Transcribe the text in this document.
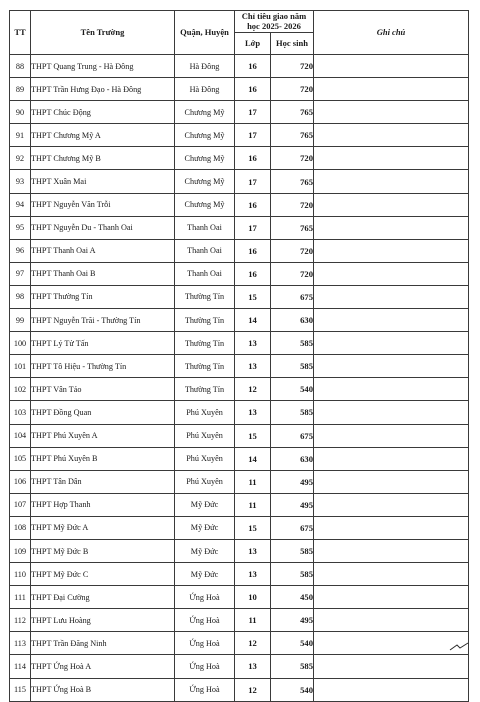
TT	Tên Trường	Quận, Huyện	Chỉ tiêu giao năm
học 2025- 2026		Ghi chú
			Lớp	Học sinh	
88	THPT Quang Trung - Hà Đông	Hà Đông	16	720	
89	THPT Trần Hưng Đạo - Hà Đông	Hà Đông	16	720	
90	THPT Chúc Động	Chương Mỹ	17	765	
91	THPT Chương Mỹ A	Chương Mỹ	17	765	
92	THPT Chương Mỹ B	Chương Mỹ	16	720	
93	THPT Xuân Mai	Chương Mỹ	17	765	
94	THPT Nguyễn Văn Trỗi	Chương Mỹ	16	720	
95	THPT Nguyễn Du - Thanh Oai	Thanh Oai	17	765	
96	THPT Thanh Oai A	Thanh Oai	16	720	
97	THPT Thanh Oai B	Thanh Oai	16	720	
98	THPT Thường Tín	Thường Tín	15	675	
99	THPT Nguyễn Trãi - Thường Tín	Thường Tín	14	630	
100	THPT Lý Tử Tấn	Thường Tín	13	585	
101	THPT Tô Hiệu - Thường Tín	Thường Tín	13	585	
102	THPT Vân Tảo	Thường Tín	12	540	
103	THPT Đồng Quan	Phú Xuyên	13	585	
104	THPT Phú Xuyên A	Phú Xuyên	15	675	
105	THPT Phú Xuyên B	Phú Xuyên	14	630	
106	THPT Tân Dân	Phú Xuyên	11	495	
107	THPT Hợp Thanh	Mỹ Đức	11	495	
108	THPT Mỹ Đức A	Mỹ Đức	15	675	
109	THPT Mỹ Đức B	Mỹ Đức	13	585	
110	THPT Mỹ Đức C	Mỹ Đức	13	585	
111	THPT Đại Cường	Ứng Hoà	10	450	
112	THPT Lưu Hoàng	Ứng Hoà	11	495	
113	THPT Trần Đăng Ninh	Ứng Hoà	12	540	
114	THPT Ứng Hoà A	Ứng Hoà	13	585	
115	THPT Ứng Hoà B	Ứng Hoà	12	540	
